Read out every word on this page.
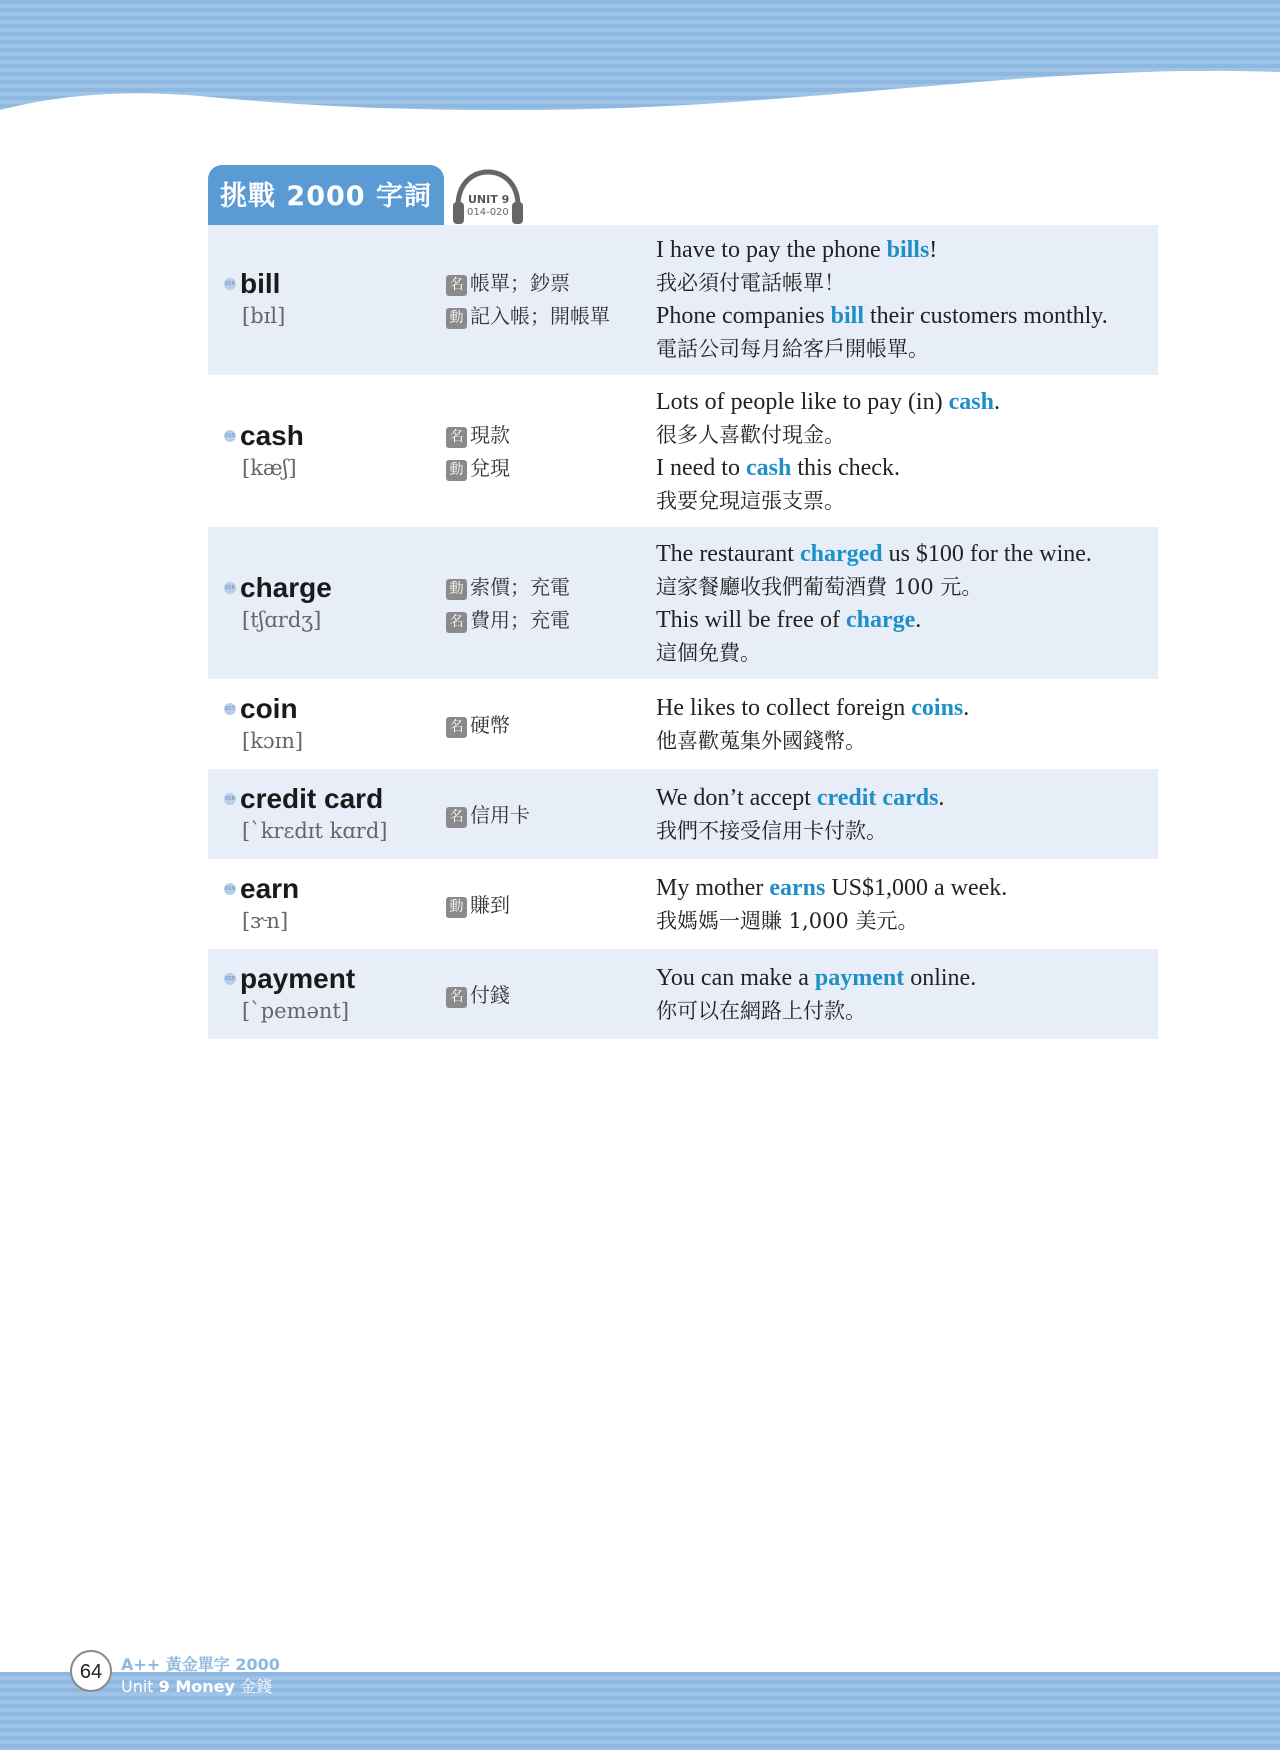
挑戰 2000 字詞	UNIT 9
014-020
014 bill
[bɪl]
名 帳單；鈔票
動 記入帳；開帳單
I have to pay the phone bills!
我必須付電話帳單！
Phone companies bill their customers monthly.
電話公司每月給客戶開帳單。
015 cash
[kæʃ]
名 現款
動 兌現
Lots of people like to pay (in) cash.
很多人喜歡付現金。
I need to cash this check.
我要兌現這張支票。
016 charge
[tʃɑrdʒ]
動 索價；充電
名 費用；充電
The restaurant charged us $100 for the wine.
這家餐廳收我們葡萄酒費 100 元。
This will be free of charge.
這個免費。
017 coin
[kɔɪn]
名 硬幣
He likes to collect foreign coins.
他喜歡蒐集外國錢幣。
018 credit card
[ˋkrɛdɪt kɑrd]
名 信用卡
We don’t accept credit cards.
我們不接受信用卡付款。
019 earn
[ɝn]
動 賺到
My mother earns US$1,000 a week.
我媽媽一週賺 1,000 美元。
020 payment
[ˋpemənt]
名 付錢
You can make a payment online.
你可以在網路上付款。
64	A++ 黃金單字 2000
Unit 9 Money 金錢
